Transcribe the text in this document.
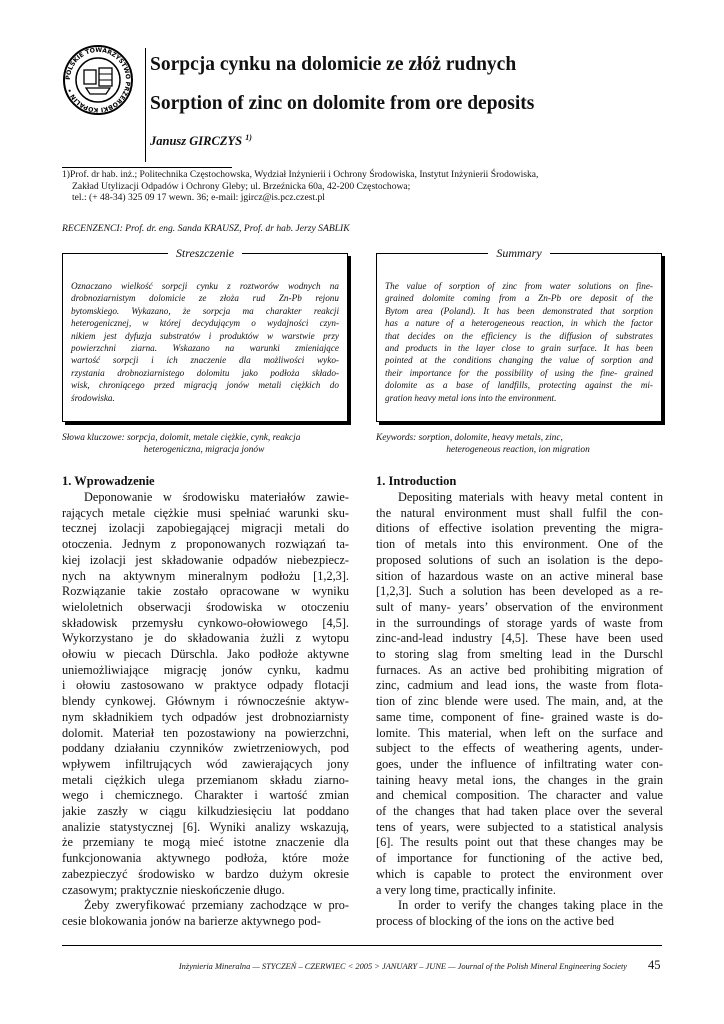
POLSKIE TOWARZYSTWO PRZERÓBKI KOPALIN •
Sorpcja cynku na dolomicie ze złóż rudnych
Sorption of zinc on dolomite from ore deposits
Janusz GIRCZYS $^{1)}$
1)Prof. dr hab. inż.; Politechnika Częstochowska, Wydział Inżynierii i Ochrony Środowiska, Instytut Inżynierii Środowiska,
Zakład Utylizacji Odpadów i Ochrony Gleby; ul. Brzeźnicka 60a, 42-200 Częstochowa;
tel.: (+ 48-34) 325 09 17 wewn. 36; e-mail: jgircz@is.pcz.czest.pl
RECENZENCI: Prof. dr. eng. Sanda KRAUSZ, Prof. dr hab. Jerzy SABLIK
Streszczenie
Oznaczano wielkość sorpcji cynku z roztworów wodnych na
drobnoziarnistym dolomicie ze złoża rud Zn-Pb rejonu
bytomskiego. Wykazano, że sorpcja ma charakter reakcji
heterogenicznej, w której decydującym o wydajności czyn-
nikiem jest dyfuzja substratów i produktów w warstwie przy
powierzchni ziarna. Wskazano na warunki zmieniające
wartość sorpcji i ich znaczenie dla możliwości wyko-
rzystania drobnoziarnistego dolomitu jako podłoża składo-
wisk, chroniącego przed migracją jonów metali ciężkich do
środowiska.
Summary
The value of sorption of zinc from water solutions on fine-
grained dolomite coming from a Zn-Pb ore deposit of the
Bytom area (Poland). It has been demonstrated that sorption
has a nature of a heterogeneous reaction, in which the factor
that decides on the efficiency is the diffusion of substrates
and products in the layer close to grain surface. It has been
pointed at the conditions changing the value of sorption and
their importance for the possibility of using the fine- grained
dolomite as a base of landfills, protecting against the mi-
gration heavy metal ions into the environment.
Słowa kluczowe: sorpcja, dolomit, metale ciężkie, cynk, reakcja
heterogeniczna, migracja jonów
Keywords: sorption, dolomite, heavy metals, zinc,
heterogeneous reaction, ion migration
1. Wprowadzenie	1. Introduction
Deponowanie w środowisku materiałów zawie-
rających metale ciężkie musi spełniać warunki sku-
tecznej izolacji zapobiegającej migracji metali do
otoczenia. Jednym z proponowanych rozwiązań ta-
kiej izolacji jest składowanie odpadów niebezpiecz-
nych na aktywnym mineralnym podłożu [1,2,3].
Rozwiązanie takie zostało opracowane w wyniku
wieloletnich obserwacji środowiska w otoczeniu
składowisk przemysłu cynkowo-ołowiowego [4,5].
Wykorzystano je do składowania żużli z wytopu
ołowiu w piecach Dürschla. Jako podłoże aktywne
uniemożliwiające migrację jonów cynku, kadmu
i ołowiu zastosowano w praktyce odpady flotacji
blendy cynkowej. Głównym i równocześnie aktyw-
nym składnikiem tych odpadów jest drobnoziarnisty
dolomit. Materiał ten pozostawiony na powierzchni,
poddany działaniu czynników zwietrzeniowych, pod
wpływem infiltrujących wód zawierających jony
metali ciężkich ulega przemianom składu ziarno-
wego i chemicznego. Charakter i wartość zmian
jakie zaszły w ciągu kilkudziesięciu lat poddano
analizie statystycznej [6]. Wyniki analizy wskazują,
że przemiany te mogą mieć istotne znaczenie dla
funkcjonowania aktywnego podłoża, które może
zabezpieczyć środowisko w bardzo dużym okresie
czasowym; praktycznie nieskończenie długo.
Żeby zweryfikować przemiany zachodzące w pro-
cesie blokowania jonów na barierze aktywnego pod-
Depositing materials with heavy metal content in
the natural environment must shall fulfil the con-
ditions of effective isolation preventing the migra-
tion of metals into this environment. One of the
proposed solutions of such an isolation is the depo-
sition of hazardous waste on an active mineral base
[1,2,3]. Such a solution has been developed as a re-
sult of many- years’ observation of the environment
in the surroundings of storage yards of waste from
zinc-and-lead industry [4,5]. These have been used
to storing slag from smelting lead in the Durschl
furnaces. As an active bed prohibiting migration of
zinc, cadmium and lead ions, the waste from flota-
tion of zinc blende were used. The main, and, at the
same time, component of fine- grained waste is do-
lomite. This material, when left on the surface and
subject to the effects of weathering agents, under-
goes, under the influence of infiltrating water con-
taining heavy metal ions, the changes in the grain
and chemical composition. The character and value
of the changes that had taken place over the several
tens of years, were subjected to a statistical analysis
[6]. The results point out that these changes may be
of importance for functioning of the active bed,
which is capable to protect the environment over
a very long time, practically infinite.
In order to verify the changes taking place in the
process of blocking of the ions on the active bed
Inżynieria Mineralna — STYCZEŃ – CZERWIEC < 2005 > JANUARY – JUNE — Journal of the Polish Mineral Engineering Society 45
